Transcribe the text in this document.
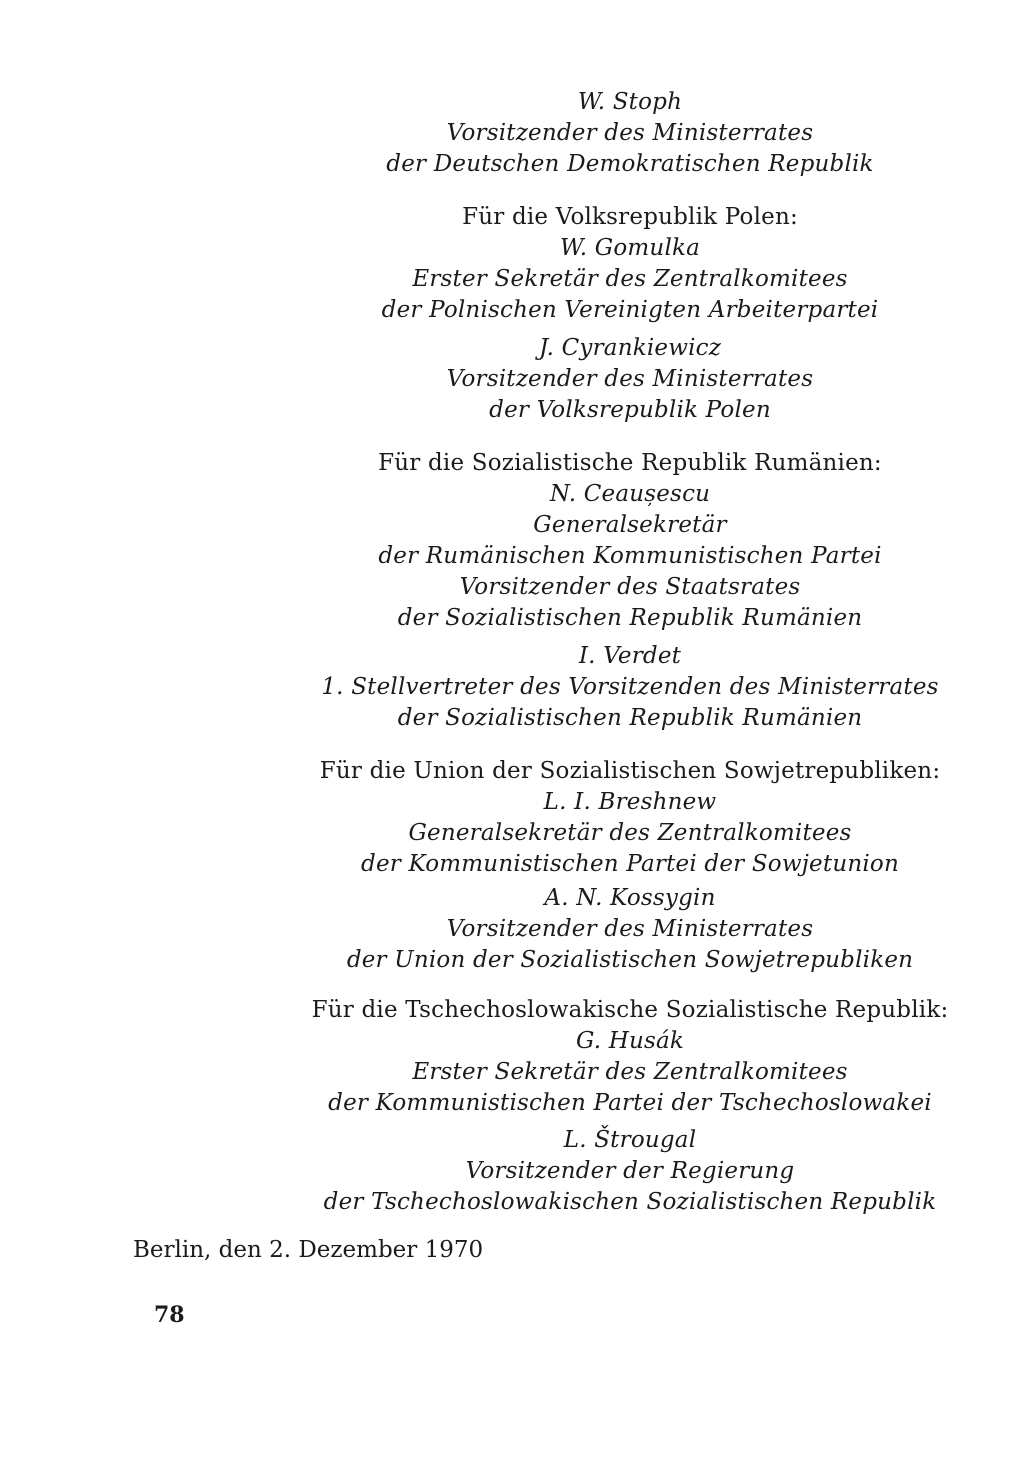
W. Stoph
Vorsitzender des Ministerrates
der Deutschen Demokratischen Republik
Für die Volksrepublik Polen:
W. Gomulka
Erster Sekretär des Zentralkomitees
der Polnischen Vereinigten Arbeiterpartei
J. Cyrankiewicz
Vorsitzender des Ministerrates
der Volksrepublik Polen
Für die Sozialistische Republik Rumänien:
N. Ceaușescu
Generalsekretär
der Rumänischen Kommunistischen Partei
Vorsitzender des Staatsrates
der Sozialistischen Republik Rumänien
I. Verdet
1. Stellvertreter des Vorsitzenden des Ministerrates
der Sozialistischen Republik Rumänien
Für die Union der Sozialistischen Sowjetrepubliken:
L. I. Breshnew
Generalsekretär des Zentralkomitees
der Kommunistischen Partei der Sowjetunion
A. N. Kossygin
Vorsitzender des Ministerrates
der Union der Sozialistischen Sowjetrepubliken
Für die Tschechoslowakische Sozialistische Republik:
G. Husák
Erster Sekretär des Zentralkomitees
der Kommunistischen Partei der Tschechoslowakei
L. Štrougal
Vorsitzender der Regierung
der Tschechoslowakischen Sozialistischen Republik
Berlin, den 2. Dezember 1970
78
